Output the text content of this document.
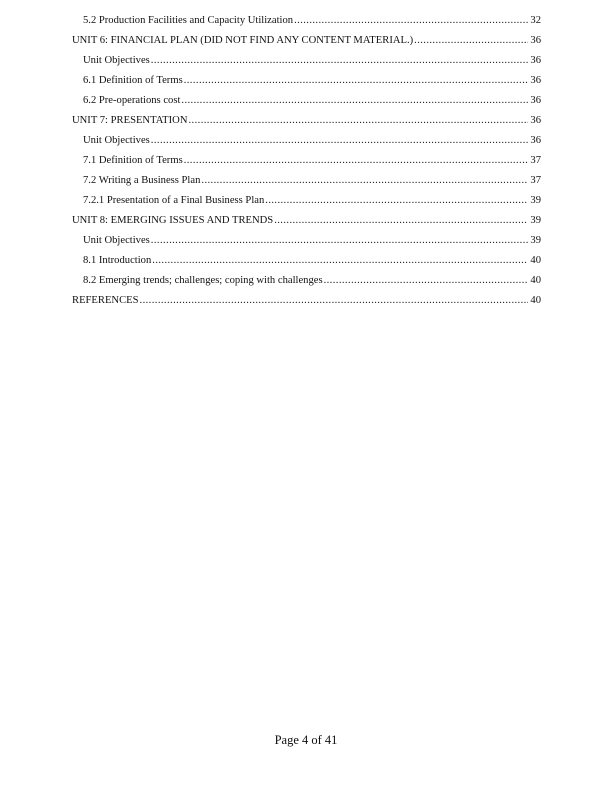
5.2 Production Facilities and Capacity Utilization .....	32
UNIT 6: FINANCIAL PLAN (DID NOT FIND ANY CONTENT MATERIAL.) .....	36
Unit Objectives .....	36
6.1 Definition of Terms .....	36
6.2 Pre-operations cost .....	36
UNIT 7: PRESENTATION .....	36
Unit Objectives .....	36
7.1 Definition of Terms .....	37
7.2 Writing a Business Plan .....	37
7.2.1 Presentation of a Final Business Plan .....	39
UNIT 8: EMERGING ISSUES AND TRENDS .....	39
Unit Objectives .....	39
8.1 Introduction .....	40
8.2 Emerging trends; challenges; coping with challenges .....	40
REFERENCES .....	40
Page 4 of 41
